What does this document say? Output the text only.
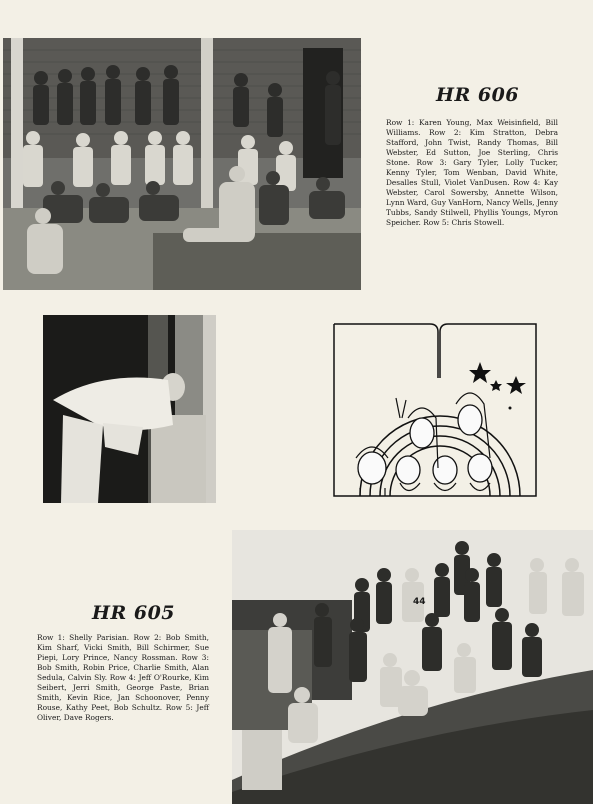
HR 606

Row 1: Karen Young, Max Weisinfield, Bill Williams. Row 2: Kim Stratton, Debra Stafford, John Twist, Randy Thomas, Bill Webster, Ed Sutton, Joe Sterling, Chris Stone. Row 3: Gary Tyler, Lolly Tucker, Kenny Tyler, Tom Wenban, David White, Desalles Stull, Violet VanDusen. Row 4: Kay Webster, Carol Sowersby, Annette Wilson, Lynn Ward, Guy VanHorn, Nancy Wells, Jenny Tubbs, Sandy Stilwell, Phyllis Youngs, Myron Speicher. Row 5: Chris Stowell.

HR 605

Row 1: Shelly Parisian. Row 2: Bob Smith, Kim Sharf, Vicki Smith, Bill Schirmer, Sue Piepi, Lory Prince, Nancy Rossman. Row 3: Bob Smith, Robin Price, Charlie Smith, Alan Sedula, Calvin Sly. Row 4: Jeff O'Rourke, Kim Seibert, Jerri Smith, George Paste, Brian Smith, Kevin Rice, Jan Schoonover, Penny Rouse, Kathy Peet, Bob Schultz. Row 5: Jeff Oliver, Dave Rogers.

44
